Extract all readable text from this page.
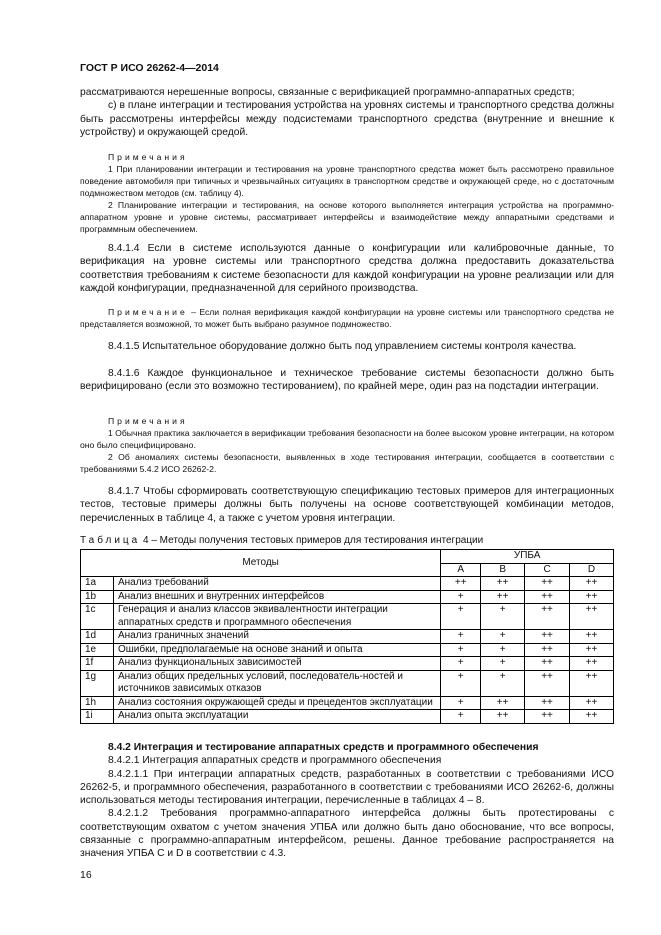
ГОСТ Р ИСО 26262-4—2014
рассматриваются нерешенные вопросы, связанные с верификацией программно-аппаратных средств;
c) в плане интеграции и тестирования устройства на уровнях системы и транспортного средства должны быть рассмотрены интерфейсы между подсистемами транспортного средства (внутренние и внешние к устройству) и окружающей средой.
Примечания
1 При планировании интеграции и тестирования на уровне транспортного средства может быть рассмотрено правильное поведение автомобиля при типичных и чрезвычайных ситуациях в транспортном средстве и окружающей среде, но с достаточным подмножеством методов (см. таблицу 4).
2 Планирование интеграции и тестирования, на основе которого выполняется интеграция устройства на программно-аппаратном уровне и уровне системы, рассматривает интерфейсы и взаимодействие между аппаратными средствами и программным обеспечением.
8.4.1.4 Если в системе используются данные о конфигурации или калибровочные данные, то верификация на уровне системы или транспортного средства должна предоставить доказательства соответствия требованиям к системе безопасности для каждой конфигурации на уровне реализации или для каждой конфигурации, предназначенной для серийного производства.
Примечание – Если полная верификация каждой конфигурации на уровне системы или транспортного средства не представляется возможной, то может быть выбрано разумное подмножество.
8.4.1.5 Испытательное оборудование должно быть под управлением системы контроля качества.
8.4.1.6 Каждое функциональное и техническое требование системы безопасности должно быть верифицировано (если это возможно тестированием), по крайней мере, один раз на подстадии интеграции.
Примечания
1 Обычная практика заключается в верификации требования безопасности на более высоком уровне интеграции, на котором оно было специфицировано.
2 Об аномалиях системы безопасности, выявленных в ходе тестирования интеграции, сообщается в соответствии с требованиями 5.4.2 ИСО 26262-2.
8.4.1.7 Чтобы сформировать соответствующую спецификацию тестовых примеров для интеграционных тестов, тестовые примеры должны быть получены на основе соответствующей комбинации методов, перечисленных в таблице 4, а также с учетом уровня интеграции.
Таблица 4 – Методы получения тестовых примеров для тестирования интеграции
Методы		УПБА			
		A	B	C	D
1a	Анализ требований	++	++	++	++
1b	Анализ внешних и внутренних интерфейсов	+	++	++	++
1c	Генерация и анализ классов эквивалентности интеграции аппаратных средств и программного обеспечения	+	+	++	++
1d	Анализ граничных значений	+	+	++	++
1e	Ошибки, предполагаемые на основе знаний и опыта	+	+	++	++
1f	Анализ функциональных зависимостей	+	+	++	++
1g	Анализ общих предельных условий, последователь-ностей и источников зависимых отказов	+	+	++	++
1h	Анализ состояния окружающей среды и прецедентов эксплуатации	+	++	++	++
1i	Анализ опыта эксплуатации	+	++	++	++
8.4.2 Интеграция и тестирование аппаратных средств и программного обеспечения
8.4.2.1 Интеграция аппаратных средств и программного обеспечения
8.4.2.1.1 При интеграции аппаратных средств, разработанных в соответствии с требованиями ИСО 26262-5, и программного обеспечения, разработанного в соответствии с требованиями ИСО 26262-6, должны использоваться методы тестирования интеграции, перечисленные в таблицах 4 – 8.
8.4.2.1.2 Требования программно-аппаратного интерфейса должны быть протестированы с соответствующим охватом с учетом значения УПБА или должно быть дано обоснование, что все вопросы, связанные с программно-аппаратным интерфейсом, решены. Данное требование распространяется на значения УПБА C и D в соответствии с 4.3.
16
